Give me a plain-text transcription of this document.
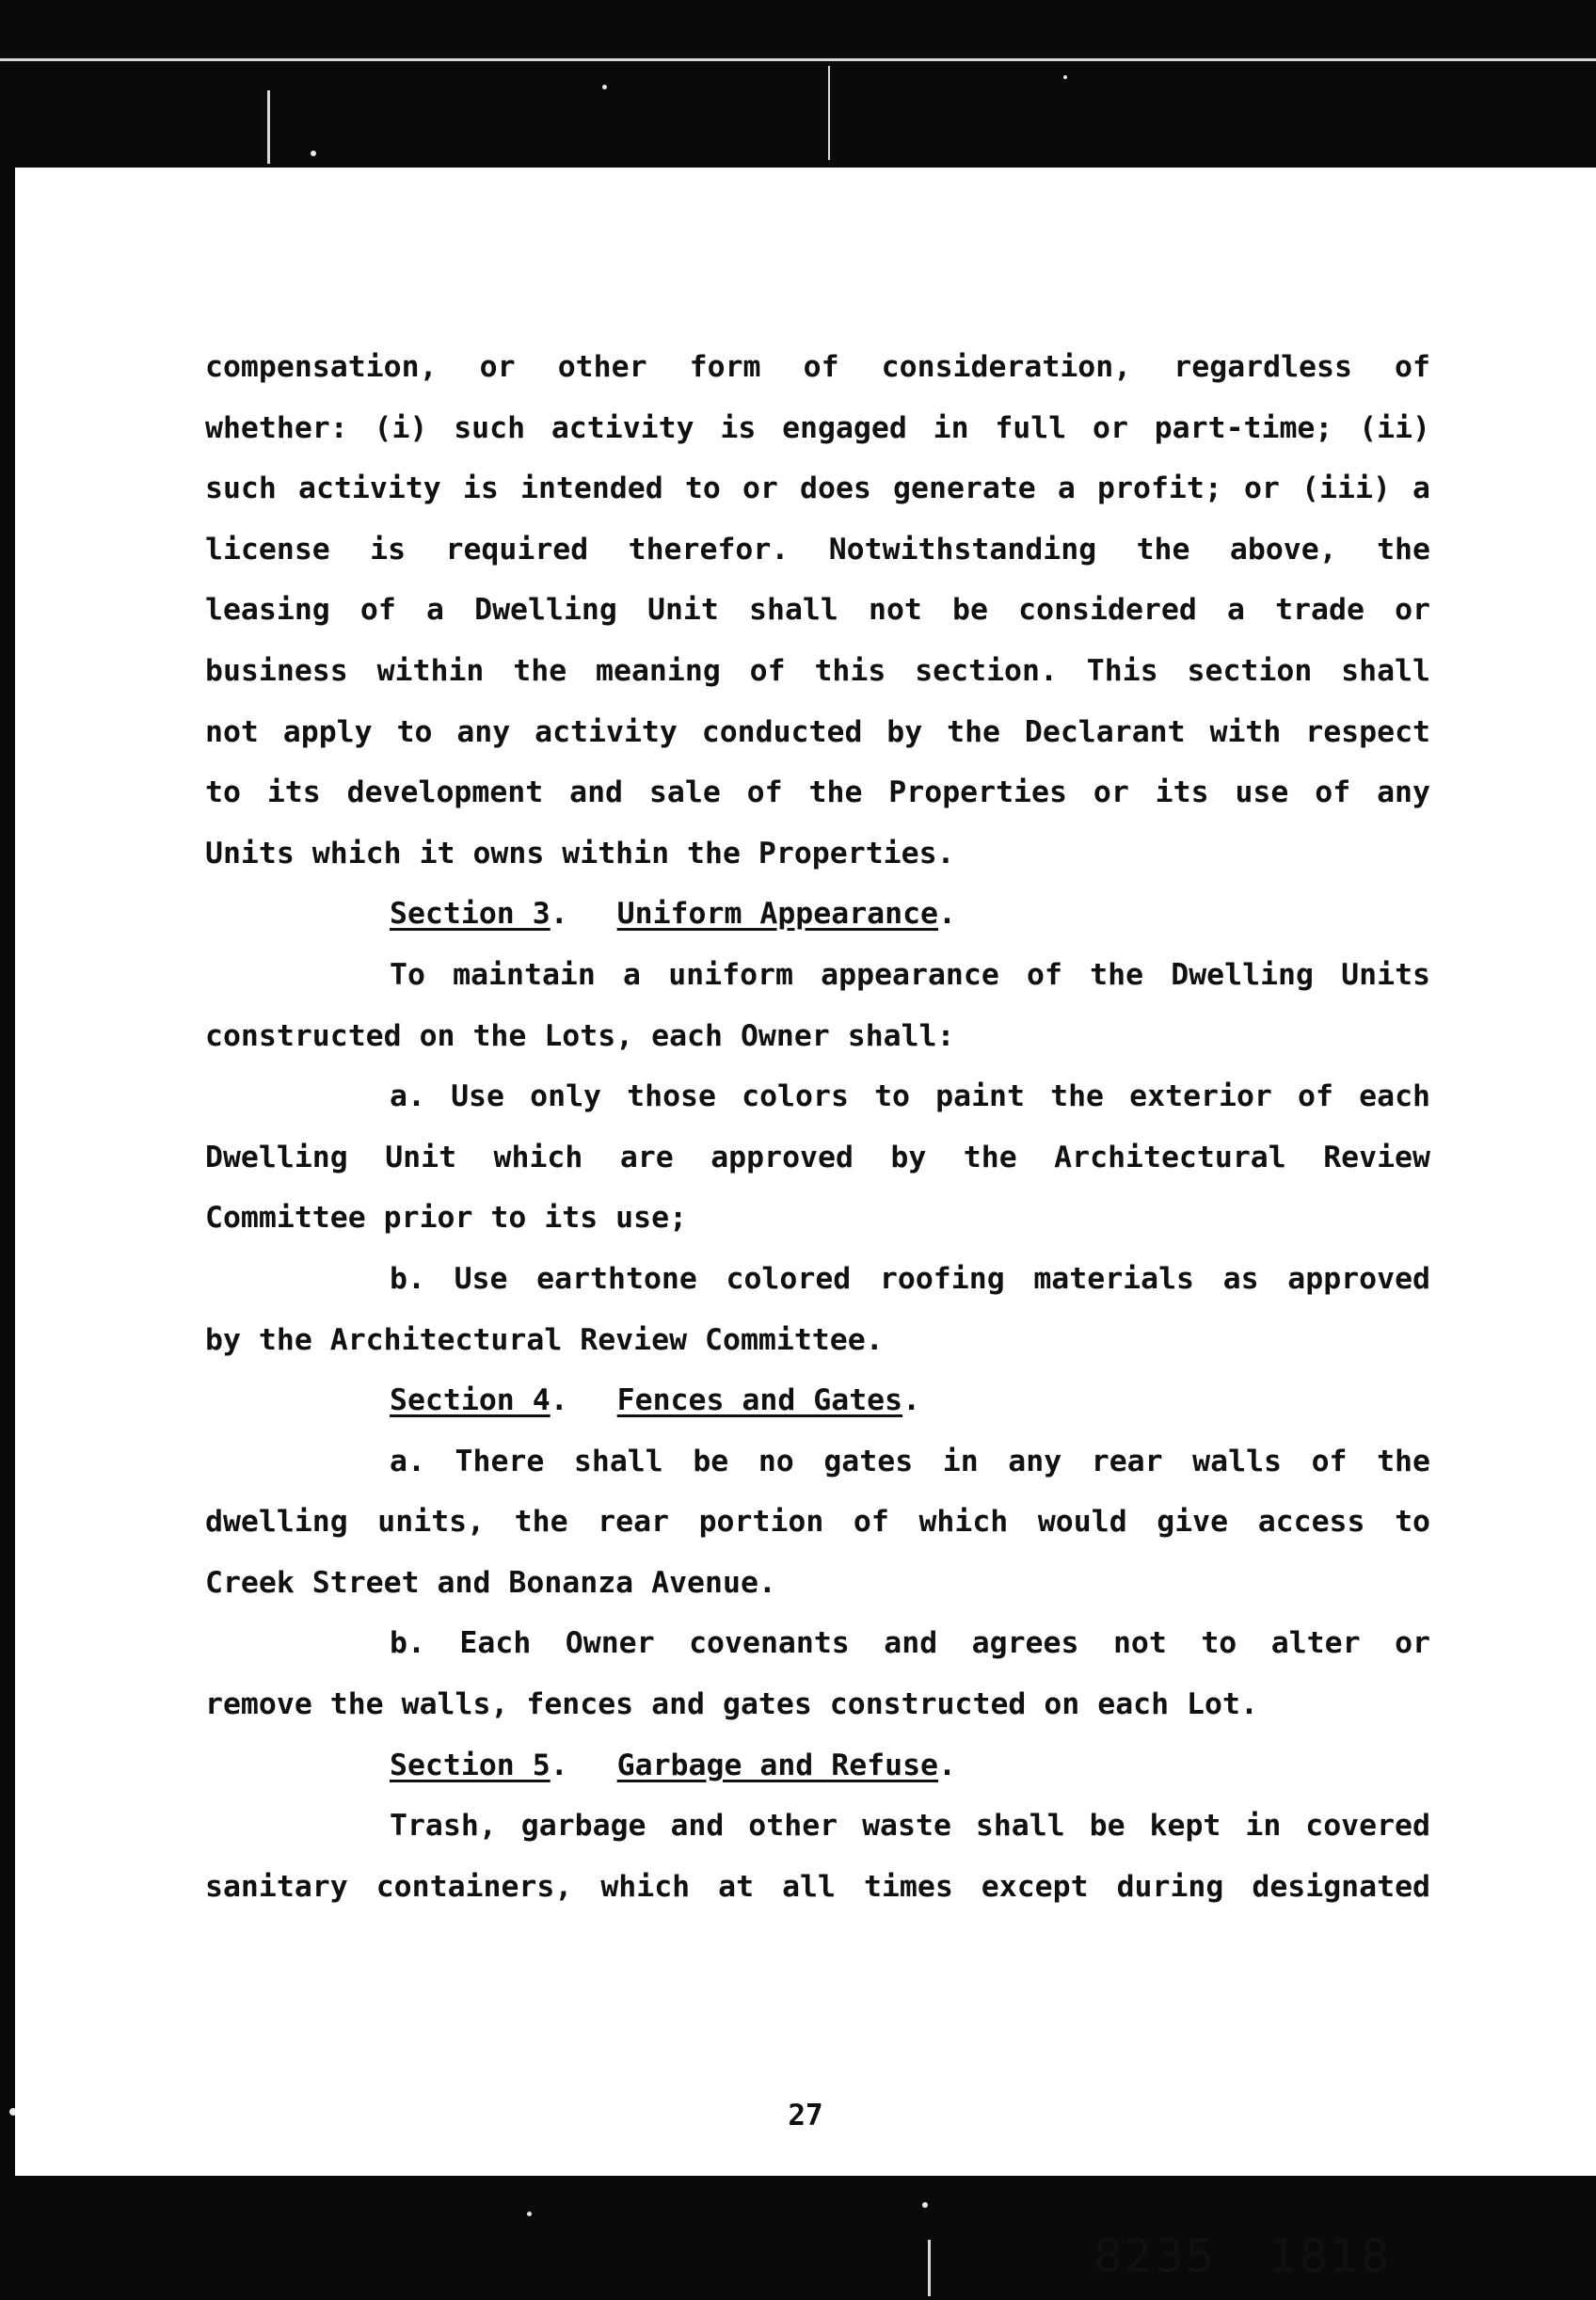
compensation, or other form of consideration, regardless of

whether: (i) such activity is engaged in full or part-time; (ii)

such activity is intended to or does generate a profit; or (iii) a

license is required therefor. Notwithstanding the above, the

leasing of a Dwelling Unit shall not be considered a trade or

business within the meaning of this section. This section shall

not apply to any activity conducted by the Declarant with respect

to its development and sale of the Properties or its use of any

Units which it owns within the Properties.

Section 3. Uniform Appearance.

To maintain a uniform appearance of the Dwelling Units

constructed on the Lots, each Owner shall:

a. Use only those colors to paint the exterior of each

Dwelling Unit which are approved by the Architectural Review

Committee prior to its use;

b. Use earthtone colored roofing materials as approved

by the Architectural Review Committee.

Section 4. Fences and Gates.

a. There shall be no gates in any rear walls of the

dwelling units, the rear portion of which would give access to

Creek Street and Bonanza Avenue.

b. Each Owner covenants and agrees not to alter or

remove the walls, fences and gates constructed on each Lot.

Section 5. Garbage and Refuse.

Trash, garbage and other waste shall be kept in covered

sanitary containers, which at all times except during designated

27
8235 1818
